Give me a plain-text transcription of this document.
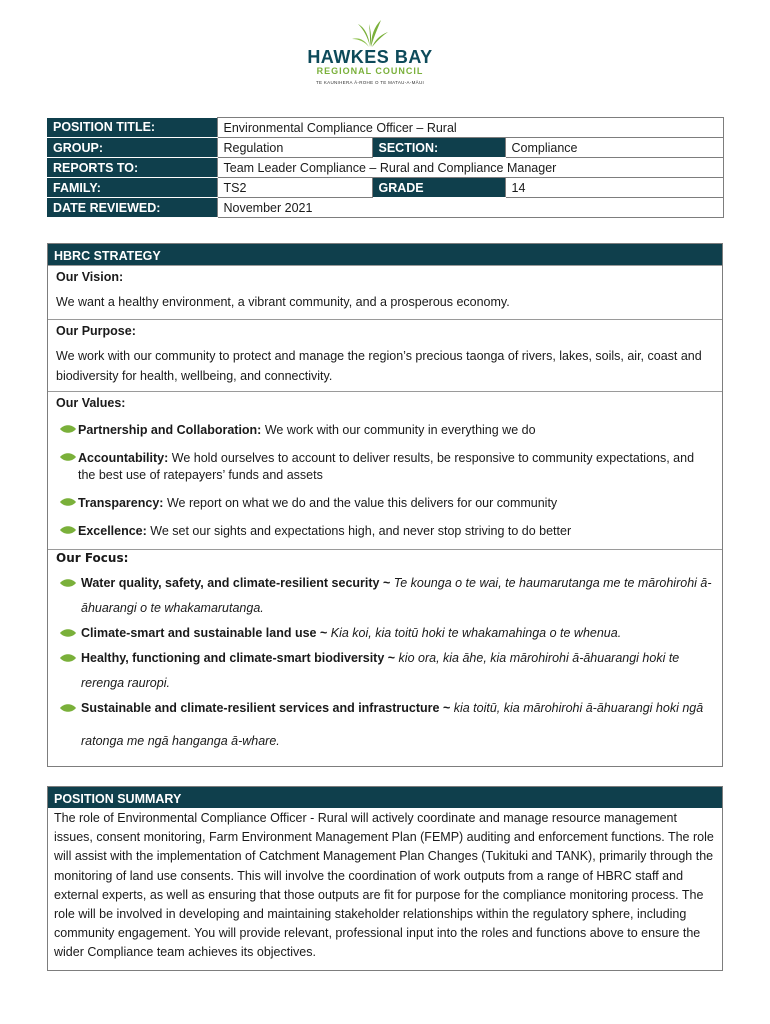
HAWKES BAY
REGIONAL COUNCIL
TE KAUNIHERA Ā-ROHE O TE MATAU-A-MĀUI
POSITION TITLE:	Environmental Compliance Officer – Rural		
GROUP:	Regulation	SECTION:	Compliance
REPORTS TO:	Team Leader Compliance – Rural and Compliance Manager		
FAMILY:	TS2	GRADE	14
DATE REVIEWED:	November 2021		
HBRC STRATEGY
Our Vision:
We want a healthy environment, a vibrant community, and a prosperous economy.
Our Purpose:
We work with our community to protect and manage the region’s precious taonga of rivers, lakes, soils, air, coast and biodiversity for health, wellbeing, and connectivity.
Our Values:
Partnership and Collaboration: We work with our community in everything we do
Accountability: We hold ourselves to account to deliver results, be responsive to community expectations, and the best use of ratepayers’ funds and assets
Transparency: We report on what we do and the value this delivers for our community
Excellence: We set our sights and expectations high, and never stop striving to do better
Our Focus:
Water quality, safety, and climate-resilient security ~ Te kounga o te wai, te haumarutanga me te mārohirohi ā-āhuarangi o te whakamarutanga.
Climate-smart and sustainable land use ~ Kia koi, kia toitū hoki te whakamahinga o te whenua.
Healthy, functioning and climate-smart biodiversity ~ kio ora, kia āhe, kia mārohirohi ā-āhuarangi hoki te rerenga rauropi.
Sustainable and climate-resilient services and infrastructure ~ kia toitū, kia mārohirohi ā-āhuarangi hoki ngā ratonga me ngā hanganga ā-whare.
POSITION SUMMARY
The role of Environmental Compliance Officer - Rural will actively coordinate and manage resource management issues, consent monitoring, Farm Environment Management Plan (FEMP) auditing and enforcement functions. The role will assist with the implementation of Catchment Management Plan Changes (Tukituki and TANK), primarily through the monitoring of land use consents. This will involve the coordination of work outputs from a range of HBRC staff and external experts, as well as ensuring that those outputs are fit for purpose for the compliance monitoring process. The role will be involved in developing and maintaining stakeholder relationships within the regulatory sphere, including community engagement. You will provide relevant, professional input into the roles and functions above to ensure the wider Compliance team achieves its objectives.
